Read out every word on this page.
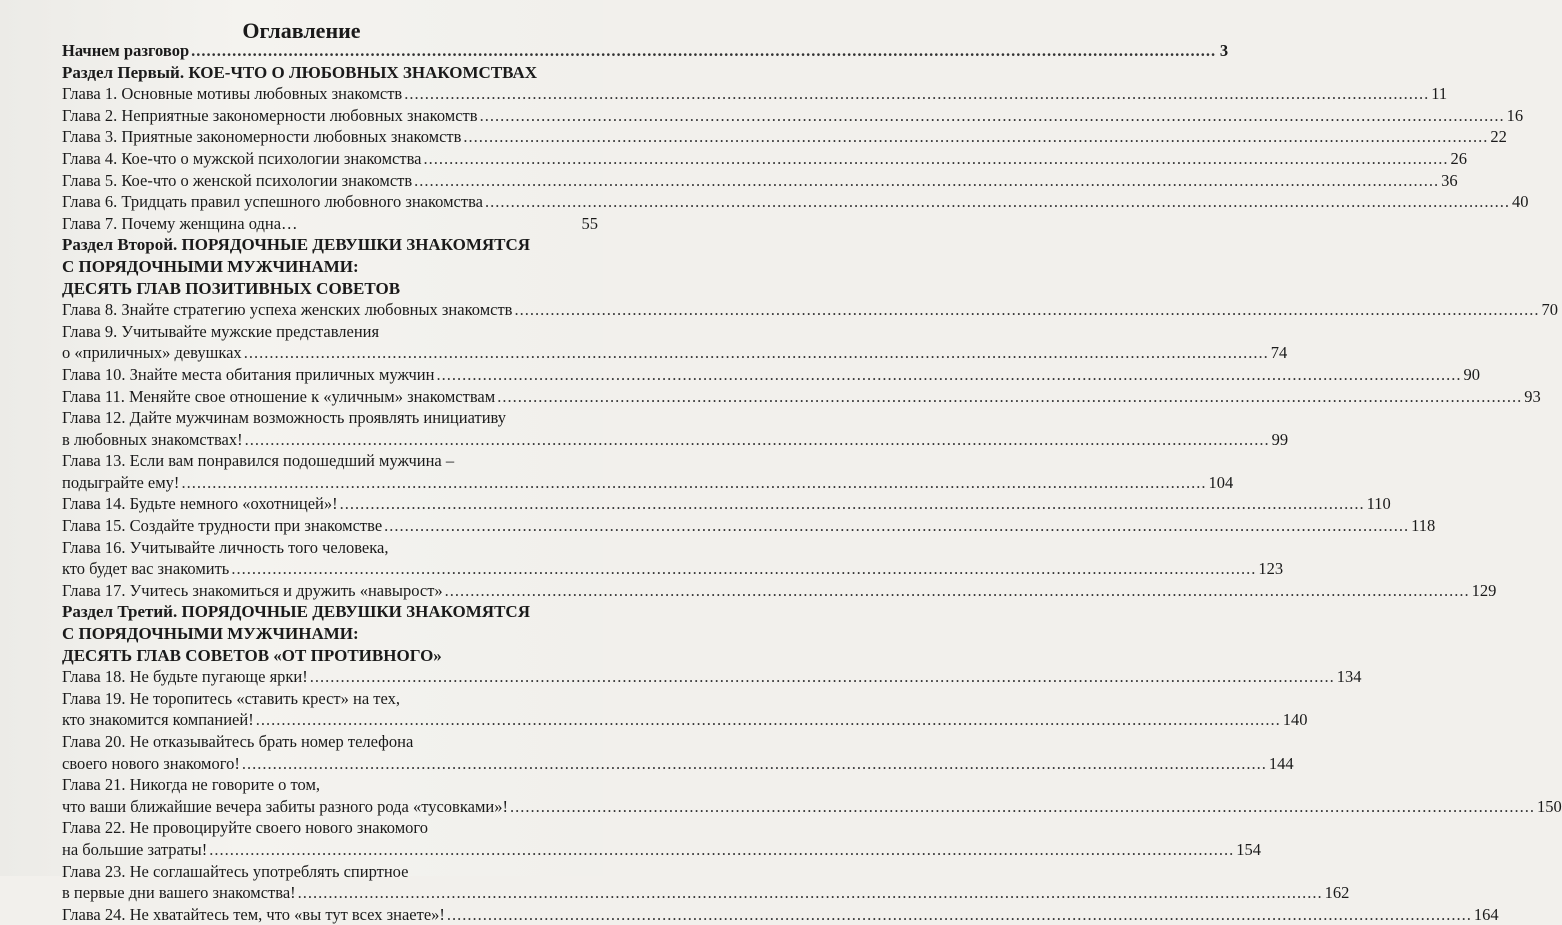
Оглавление
Начнем разговор ........................................................................................................................................................................................................ 3
Раздел Первый. КОЕ-ЧТО О ЛЮБОВНЫХ ЗНАКОМСТВАХ
Глава 1. Основные мотивы любовных знакомств ........................................................................................................................................................................................................ 11
Глава 2. Неприятные закономерности любовных знакомств ........................................................................................................................................................................................................ 16
Глава 3. Приятные закономерности любовных знакомств ........................................................................................................................................................................................................ 22
Глава 4. Кое-что о мужской психологии знакомства ........................................................................................................................................................................................................ 26
Глава 5. Кое-что о женской психологии знакомств ........................................................................................................................................................................................................ 36
Глава 6. Тридцать правил успешного любовного знакомства ........................................................................................................................................................................................................ 40
Глава 7. Почему женщина одна …	55
Раздел Второй. ПОРЯДОЧНЫЕ ДЕВУШКИ ЗНАКОМЯТСЯ
С ПОРЯДОЧНЫМИ МУЖЧИНАМИ:
ДЕСЯТЬ ГЛАВ ПОЗИТИВНЫХ СОВЕТОВ
Глава 8. Знайте стратегию успеха женских любовных знакомств ........................................................................................................................................................................................................ 70
Глава 9. Учитывайте мужские представления
о «приличных» девушках ........................................................................................................................................................................................................ 74
Глава 10. Знайте места обитания приличных мужчин ........................................................................................................................................................................................................ 90
Глава 11. Меняйте свое отношение к «уличным» знакомствам ........................................................................................................................................................................................................ 93
Глава 12. Дайте мужчинам возможность проявлять инициативу
в любовных знакомствах! ........................................................................................................................................................................................................ 99
Глава 13. Если вам понравился подошедший мужчина –
подыграйте ему! ........................................................................................................................................................................................................ 104
Глава 14. Будьте немного «охотницей»! ........................................................................................................................................................................................................ 110
Глава 15. Создайте трудности при знакомстве ........................................................................................................................................................................................................ 118
Глава 16. Учитывайте личность того человека,
кто будет вас знакомить ........................................................................................................................................................................................................ 123
Глава 17. Учитесь знакомиться и дружить «навырост» ........................................................................................................................................................................................................ 129
Раздел Третий. ПОРЯДОЧНЫЕ ДЕВУШКИ ЗНАКОМЯТСЯ
С ПОРЯДОЧНЫМИ МУЖЧИНАМИ:
ДЕСЯТЬ ГЛАВ СОВЕТОВ «ОТ ПРОТИВНОГО»
Глава 18. Не будьте пугающе ярки! ........................................................................................................................................................................................................ 134
Глава 19. Не торопитесь «ставить крест» на тех,
кто знакомится компанией! ........................................................................................................................................................................................................ 140
Глава 20. Не отказывайтесь брать номер телефона
своего нового знакомого! ........................................................................................................................................................................................................ 144
Глава 21. Никогда не говорите о том,
что ваши ближайшие вечера забиты разного рода «тусовками»! ........................................................................................................................................................................................................ 150
Глава 22. Не провоцируйте своего нового знакомого
на большие затраты! ........................................................................................................................................................................................................ 154
Глава 23. Не соглашайтесь употреблять спиртное
в первые дни вашего знакомства! ........................................................................................................................................................................................................ 162
Глава 24. Не хватайтесь тем, что «вы тут всех знаете»! ........................................................................................................................................................................................................ 164
